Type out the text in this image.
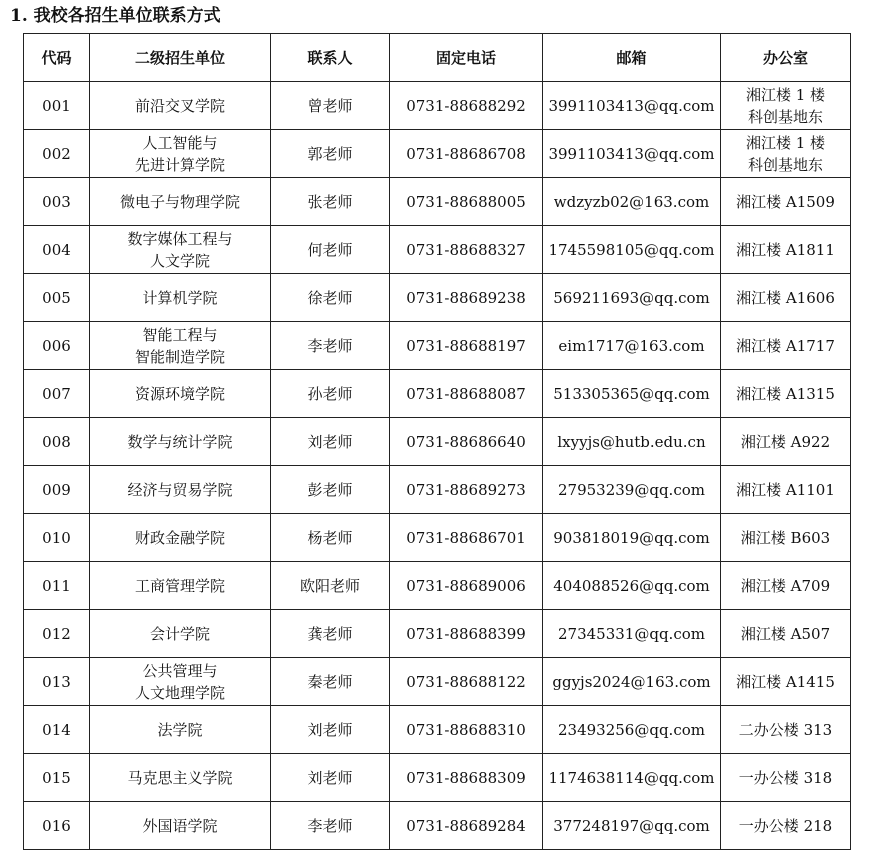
1. 我校各招生单位联系方式
代码	二级招生单位	联系人	固定电话	邮箱	办公室
001	前沿交叉学院	曾老师	0731-88688292	3991103413@qq.com	湘江楼 1 楼
科创基地东

002	人工智能与
先进计算学院	郭老师	0731-88686708	3991103413@qq.com	湘江楼 1 楼
科创基地东

003	微电子与物理学院	张老师	0731-88688005	wdzyzb02@163.com	湘江楼 A1509

004	数字媒体工程与
人文学院	何老师	0731-88688327	1745598105@qq.com	湘江楼 A1811

005	计算机学院	徐老师	0731-88689238	569211693@qq.com	湘江楼 A1606

006	智能工程与
智能制造学院	李老师	0731-88688197	eim1717@163.com	湘江楼 A1717

007	资源环境学院	孙老师	0731-88688087	513305365@qq.com	湘江楼 A1315

008	数学与统计学院	刘老师	0731-88686640	lxyyjs@hutb.edu.cn	湘江楼 A922

009	经济与贸易学院	彭老师	0731-88689273	27953239@qq.com	湘江楼 A1101

010	财政金融学院	杨老师	0731-88686701	903818019@qq.com	湘江楼 B603

011	工商管理学院	欧阳老师	0731-88689006	404088526@qq.com	湘江楼 A709

012	会计学院	龚老师	0731-88688399	27345331@qq.com	湘江楼 A507

013	公共管理与
人文地理学院	秦老师	0731-88688122	ggyjs2024@163.com	湘江楼 A1415

014	法学院	刘老师	0731-88688310	23493256@qq.com	二办公楼 313

015	马克思主义学院	刘老师	0731-88688309	1174638114@qq.com	一办公楼 318

016	外国语学院	李老师	0731-88689284	377248197@qq.com	一办公楼 218
